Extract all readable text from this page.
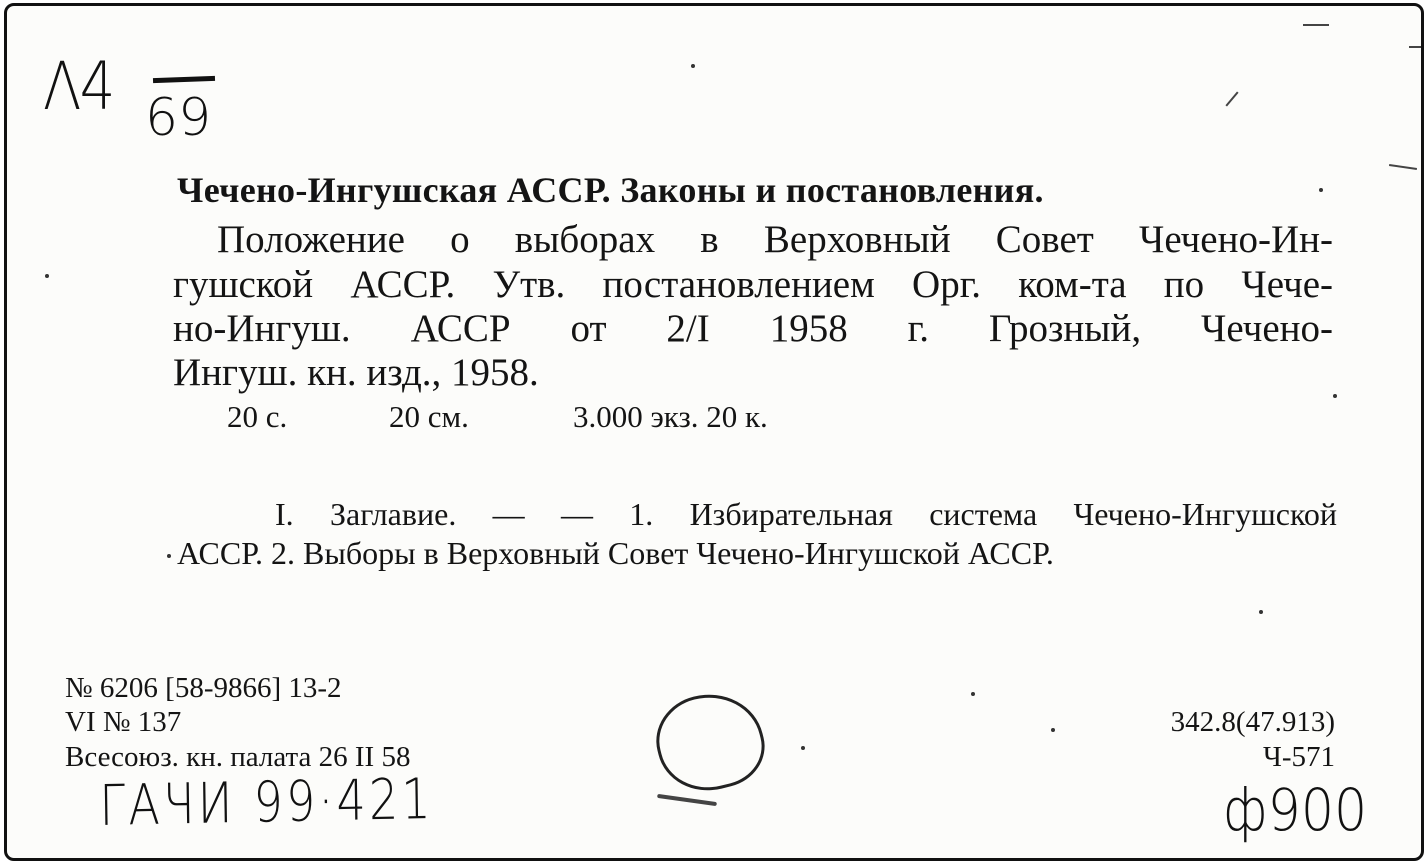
Λ4 69
Чечено-Ингушская АССР. Законы и постановления.
Положение о выборах в Верховный Совет Чечено-Ин-
гушской АССР. Утв. постановлением Орг. ком-та по Чече-
но-Ингуш. АССР от 2/I 1958 г. Грозный, Чечено-
Ингуш. кн. изд., 1958.
20 с.	20 см.	3.000 экз. 20 к.
I. Заглавие. — — 1. Избирательная система Чечено-Ингушской
АССР. 2. Выборы в Верховный Совет Чечено-Ингушской АССР.
№ 6206 [58-9866] 13-2
VI № 137
Всесоюз. кн. палата 26 II 58
342.8(47.913)
Ч-571
ГАЧИ 99·421	ф900
